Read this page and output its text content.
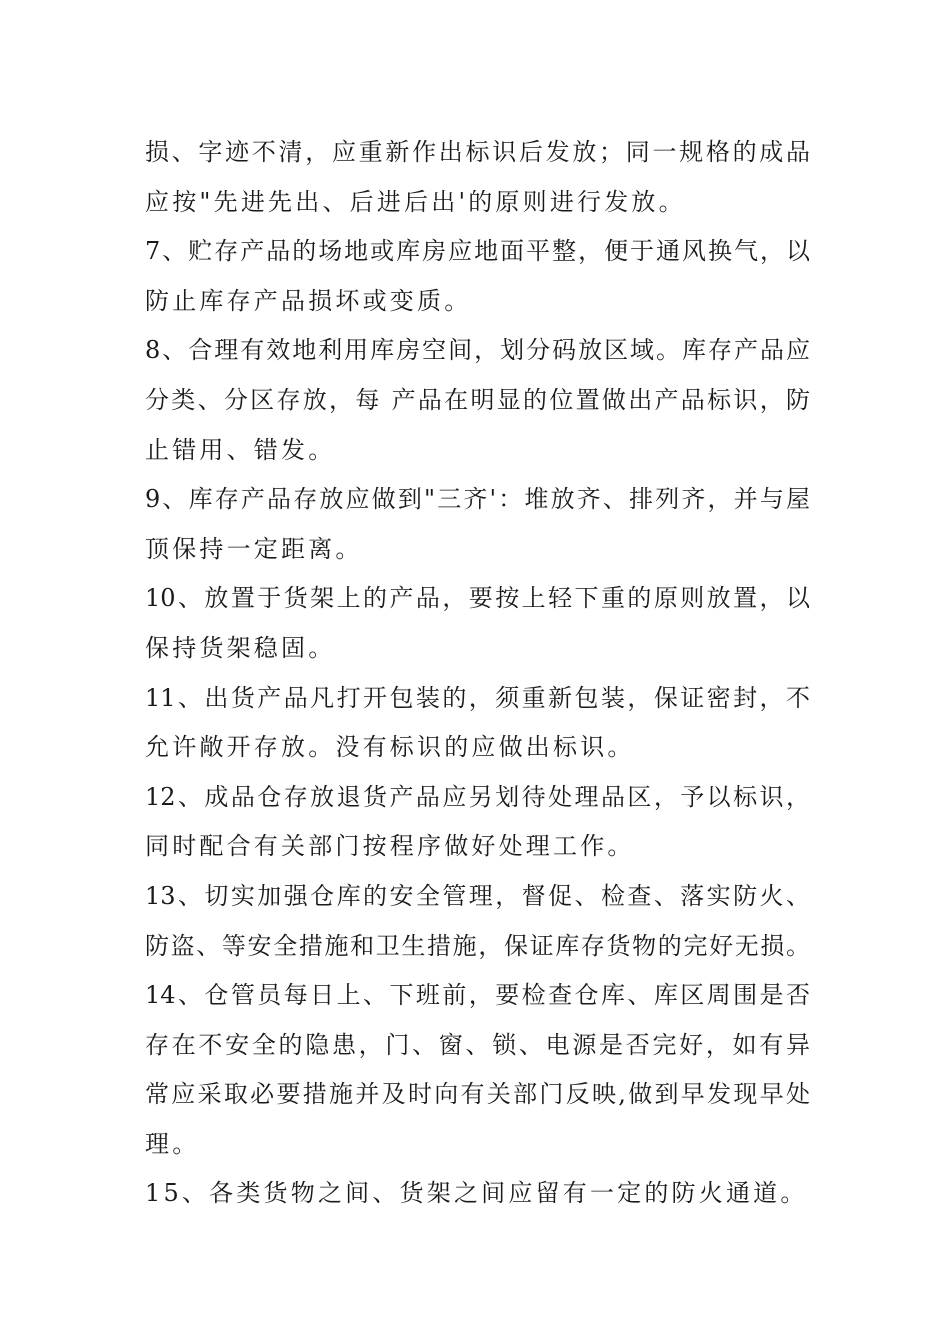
损、字迹不清，应重新作出标识后发放；同一规格的成品
应按"先进先出、后进后出'的原则进行发放。
7、贮存产品的场地或库房应地面平整，便于通风换气，以
防止库存产品损坏或变质。
8、合理有效地利用库房空间，划分码放区域。库存产品应
分类、分区存放，每 产品在明显的位置做出产品标识，防
止错用、错发。
9、库存产品存放应做到"三齐'：堆放齐、排列齐，并与屋
顶保持一定距离。
10、放置于货架上的产品，要按上轻下重的原则放置，以
保持货架稳固。
11、出货产品凡打开包装的，须重新包装，保证密封，不
允许敞开存放。没有标识的应做出标识。
12、成品仓存放退货产品应另划待处理品区，予以标识，
同时配合有关部门按程序做好处理工作。
13、切实加强仓库的安全管理，督促、检查、落实防火、
防盗、等安全措施和卫生措施，保证库存货物的完好无损。
14、仓管员每日上、下班前，要检查仓库、库区周围是否
存在不安全的隐患，门、窗、锁、电源是否完好，如有异
常应采取必要措施并及时向有关部门反映,做到早发现早处
理。
15、各类货物之间、货架之间应留有一定的防火通道。
